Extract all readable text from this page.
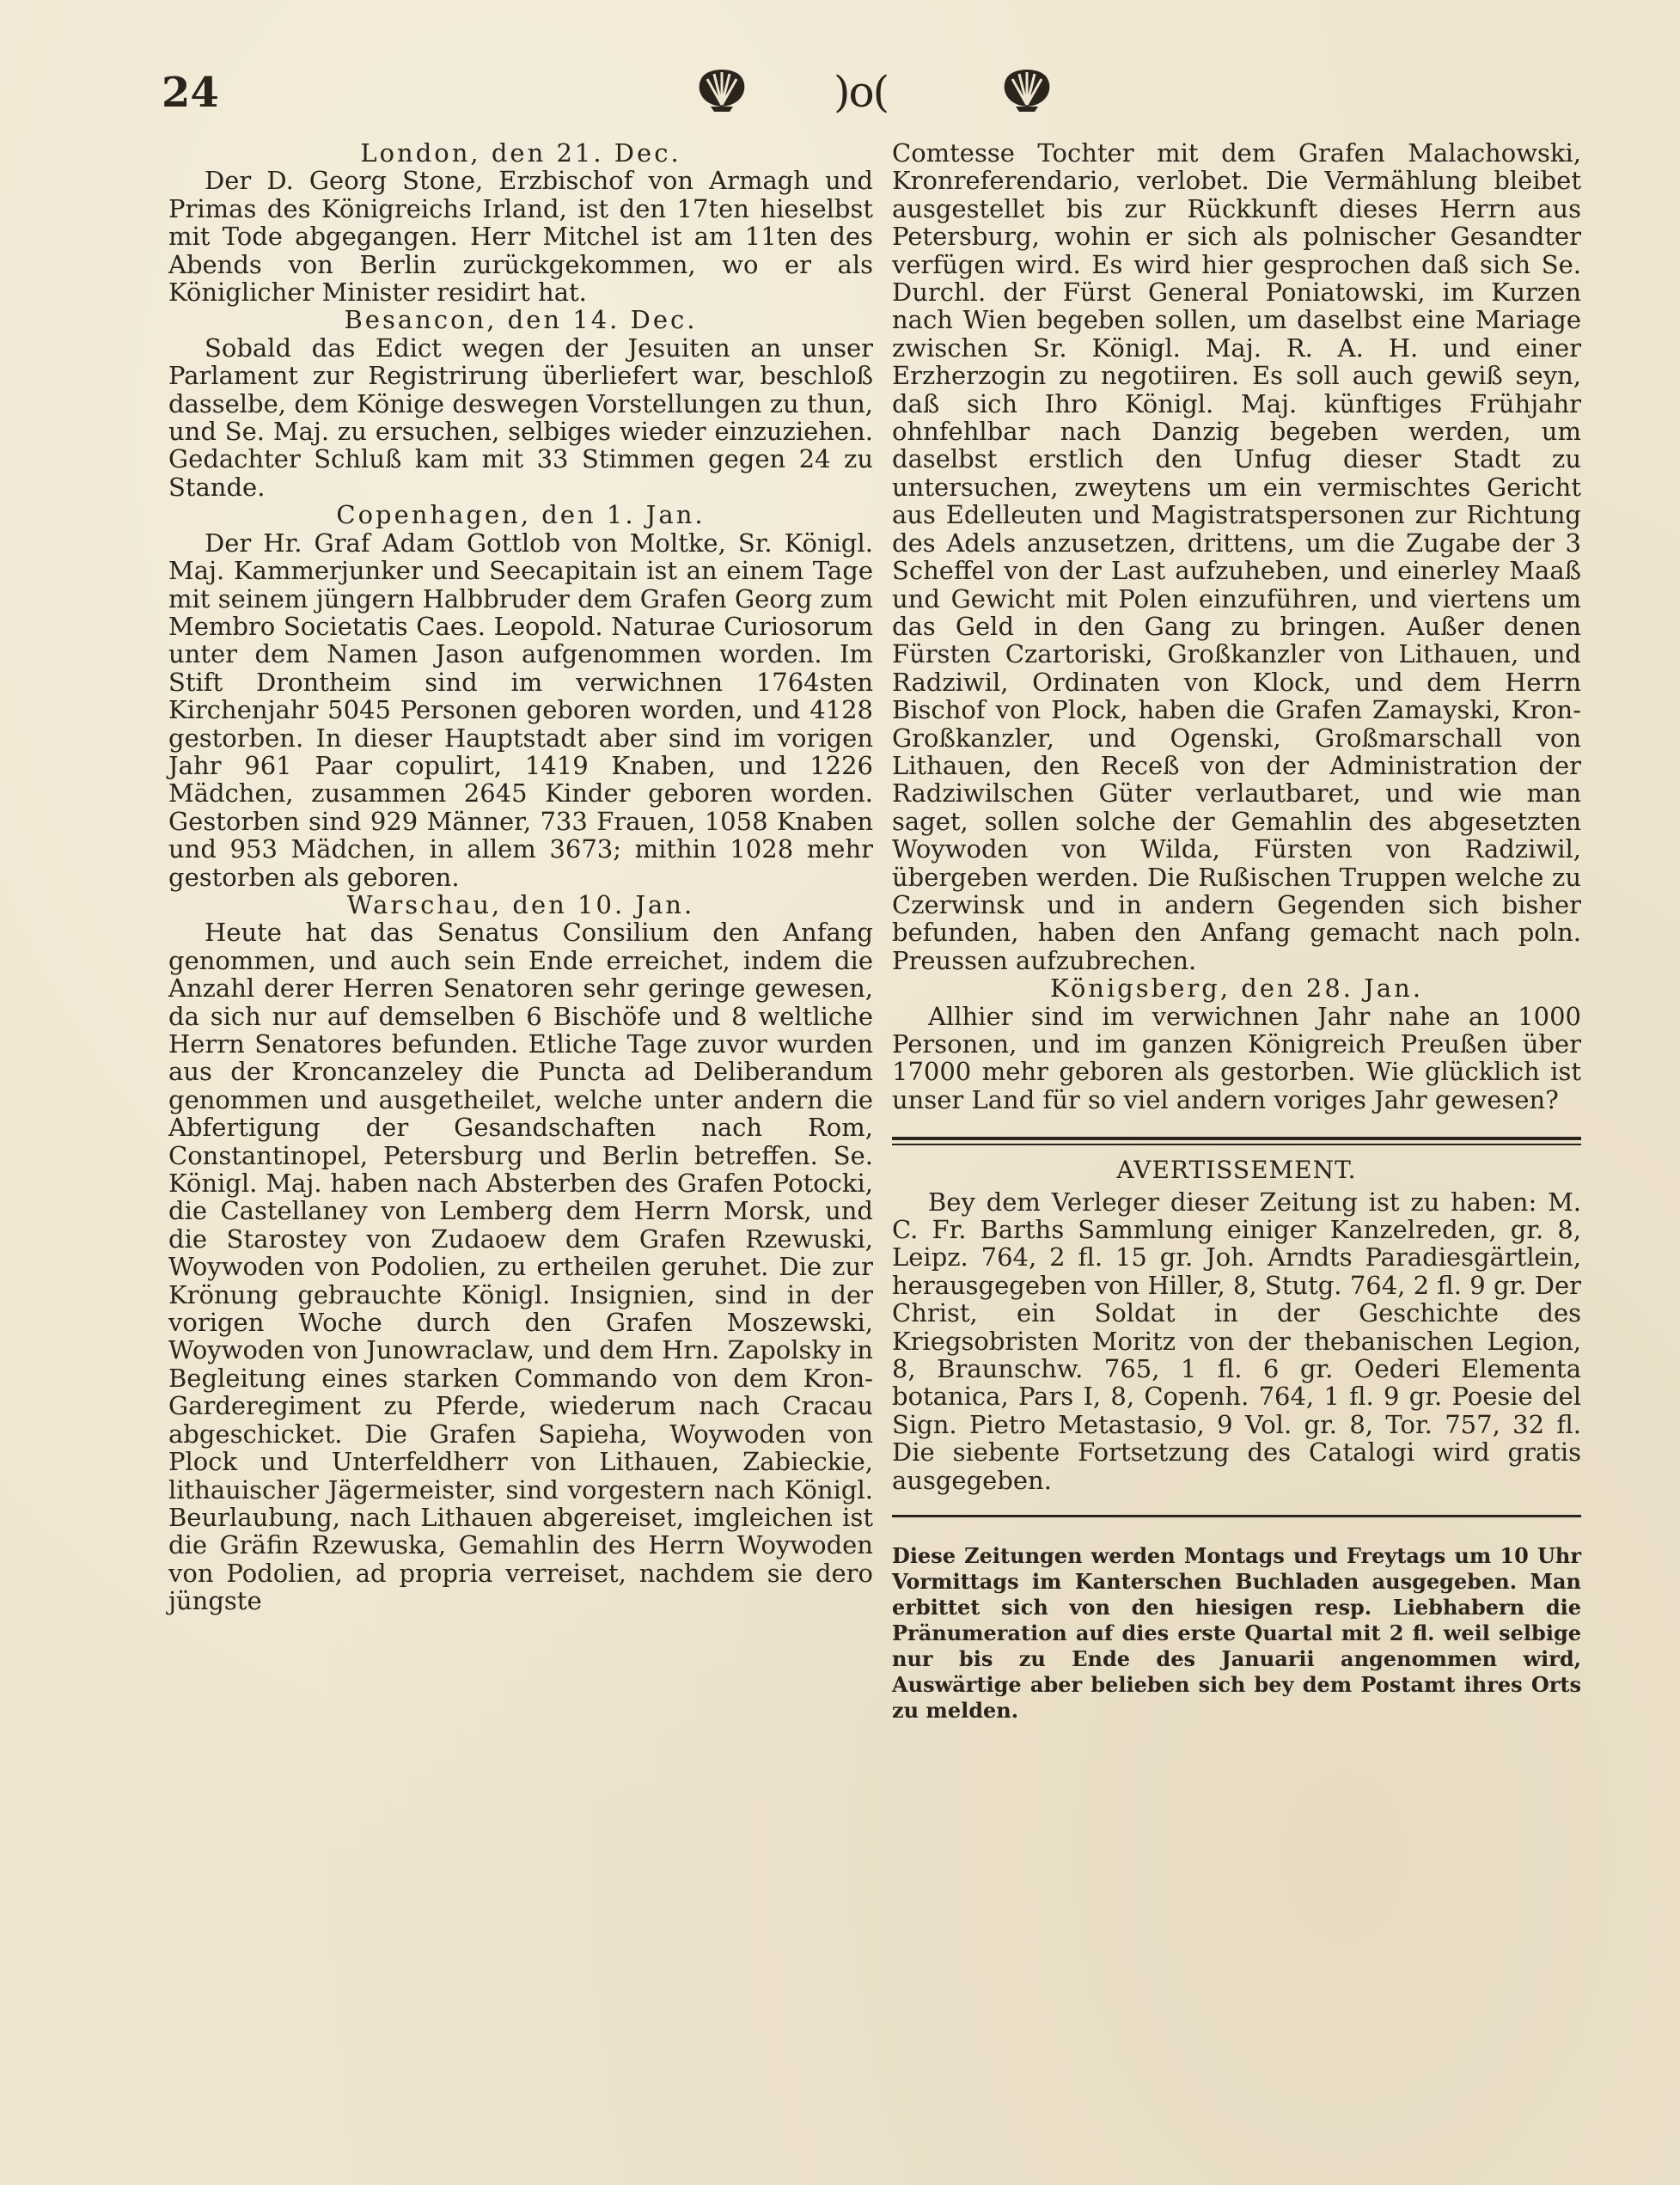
24	)o(
London, den 21. Dec.

Der D. Georg Stone, Erzbischof von Armagh und Primas des Königreichs Irland, ist den 17ten hieselbst mit Tode abgegangen. Herr Mitchel ist am 11ten des Abends von Berlin zurückgekommen, wo er als Königlicher Minister residirt hat.

Besancon, den 14. Dec.

Sobald das Edict wegen der Jesuiten an unser Parlament zur Registrirung überliefert war, beschloß dasselbe, dem Könige deswegen Vorstellungen zu thun, und Se. Maj. zu ersuchen, selbiges wieder einzuziehen. Gedachter Schluß kam mit 33 Stimmen gegen 24 zu Stande.

Copenhagen, den 1. Jan.

Der Hr. Graf Adam Gottlob von Moltke, Sr. Königl. Maj. Kammerjunker und Seecapitain ist an einem Tage mit seinem jüngern Halbbruder dem Grafen Georg zum Membro Societatis Caes. Leopold. Naturae Curiosorum unter dem Namen Jason aufgenommen worden. Im Stift Drontheim sind im verwichnen 1764sten Kirchenjahr 5045 Personen geboren worden, und 4128 gestorben. In dieser Hauptstadt aber sind im vorigen Jahr 961 Paar copulirt, 1419 Knaben, und 1226 Mädchen, zusammen 2645 Kinder geboren worden. Gestorben sind 929 Männer, 733 Frauen, 1058 Knaben und 953 Mädchen, in allem 3673; mithin 1028 mehr gestorben als geboren.

Warschau, den 10. Jan.

Heute hat das Senatus Consilium den Anfang genommen, und auch sein Ende erreichet, indem die Anzahl derer Herren Senatoren sehr geringe gewesen, da sich nur auf demselben 6 Bischöfe und 8 weltliche Herrn Senatores befunden. Etliche Tage zuvor wurden aus der Kroncanzeley die Puncta ad Deliberandum genommen und ausgetheilet, welche unter andern die Abfertigung der Gesandschaften nach Rom, Constantinopel, Petersburg und Berlin betreffen. Se. Königl. Maj. haben nach Absterben des Grafen Potocki, die Castellaney von Lemberg dem Herrn Morsk, und die Starostey von Zudaoew dem Grafen Rzewuski, Woywoden von Podolien, zu ertheilen geruhet. Die zur Krönung gebrauchte Königl. Insignien, sind in der vorigen Woche durch den Grafen Moszewski, Woywoden von Junowraclaw, und dem Hrn. Zapolsky in Begleitung eines starken Commando von dem Kron-Garderegiment zu Pferde, wiederum nach Cracau abgeschicket. Die Grafen Sapieha, Woywoden von Plock und Unterfeldherr von Lithauen, Zabieckie, lithauischer Jägermeister, sind vorgestern nach Königl. Beurlaubung, nach Lithauen abgereiset, imgleichen ist die Gräfin Rzewuska, Gemahlin des Herrn Woywoden von Podolien, ad propria verreiset, nachdem sie dero jüngste

Comtesse Tochter mit dem Grafen Malachowski, Kronreferendario, verlobet. Die Vermählung bleibet ausgestellet bis zur Rückkunft dieses Herrn aus Petersburg, wohin er sich als polnischer Gesandter verfügen wird. Es wird hier gesprochen daß sich Se. Durchl. der Fürst General Poniatowski, im Kurzen nach Wien begeben sollen, um daselbst eine Mariage zwischen Sr. Königl. Maj. R. A. H. und einer Erzherzogin zu negotiiren. Es soll auch gewiß seyn, daß sich Ihro Königl. Maj. künftiges Frühjahr ohnfehlbar nach Danzig begeben werden, um daselbst erstlich den Unfug dieser Stadt zu untersuchen, zweytens um ein vermischtes Gericht aus Edelleuten und Magistratspersonen zur Richtung des Adels anzusetzen, drittens, um die Zugabe der 3 Scheffel von der Last aufzuheben, und einerley Maaß und Gewicht mit Polen einzuführen, und viertens um das Geld in den Gang zu bringen. Außer denen Fürsten Czartoriski, Großkanzler von Lithauen, und Radziwil, Ordinaten von Klock, und dem Herrn Bischof von Plock, haben die Grafen Zamayski, Kron-Großkanzler, und Ogenski, Großmarschall von Lithauen, den Receß von der Administration der Radziwilschen Güter verlautbaret, und wie man saget, sollen solche der Gemahlin des abgesetzten Woywoden von Wilda, Fürsten von Radziwil, übergeben werden. Die Rußischen Truppen welche zu Czerwinsk und in andern Gegenden sich bisher befunden, haben den Anfang gemacht nach poln. Preussen aufzubrechen.

Königsberg, den 28. Jan.

Allhier sind im verwichnen Jahr nahe an 1000 Personen, und im ganzen Königreich Preußen über 17000 mehr geboren als gestorben. Wie glücklich ist unser Land für so viel andern voriges Jahr gewesen?

AVERTISSEMENT.

Bey dem Verleger dieser Zeitung ist zu haben: M. C. Fr. Barths Sammlung einiger Kanzelreden, gr. 8, Leipz. 764, 2 fl. 15 gr. Joh. Arndts Paradiesgärtlein, herausgegeben von Hiller, 8, Stutg. 764, 2 fl. 9 gr. Der Christ, ein Soldat in der Geschichte des Kriegsobristen Moritz von der thebanischen Legion, 8, Braunschw. 765, 1 fl. 6 gr. Oederi Elementa botanica, Pars I, 8, Copenh. 764, 1 fl. 9 gr. Poesie del Sign. Pietro Metastasio, 9 Vol. gr. 8, Tor. 757, 32 fl. Die siebente Fortsetzung des Catalogi wird gratis ausgegeben.

Diese Zeitungen werden Montags und Freytags um 10 Uhr Vormittags im Kanterschen Buchladen ausgegeben. Man erbittet sich von den hiesigen resp. Liebhabern die Pränumeration auf dies erste Quartal mit 2 fl. weil selbige nur bis zu Ende des Januarii angenommen wird, Auswärtige aber belieben sich bey dem Postamt ihres Orts zu melden.
